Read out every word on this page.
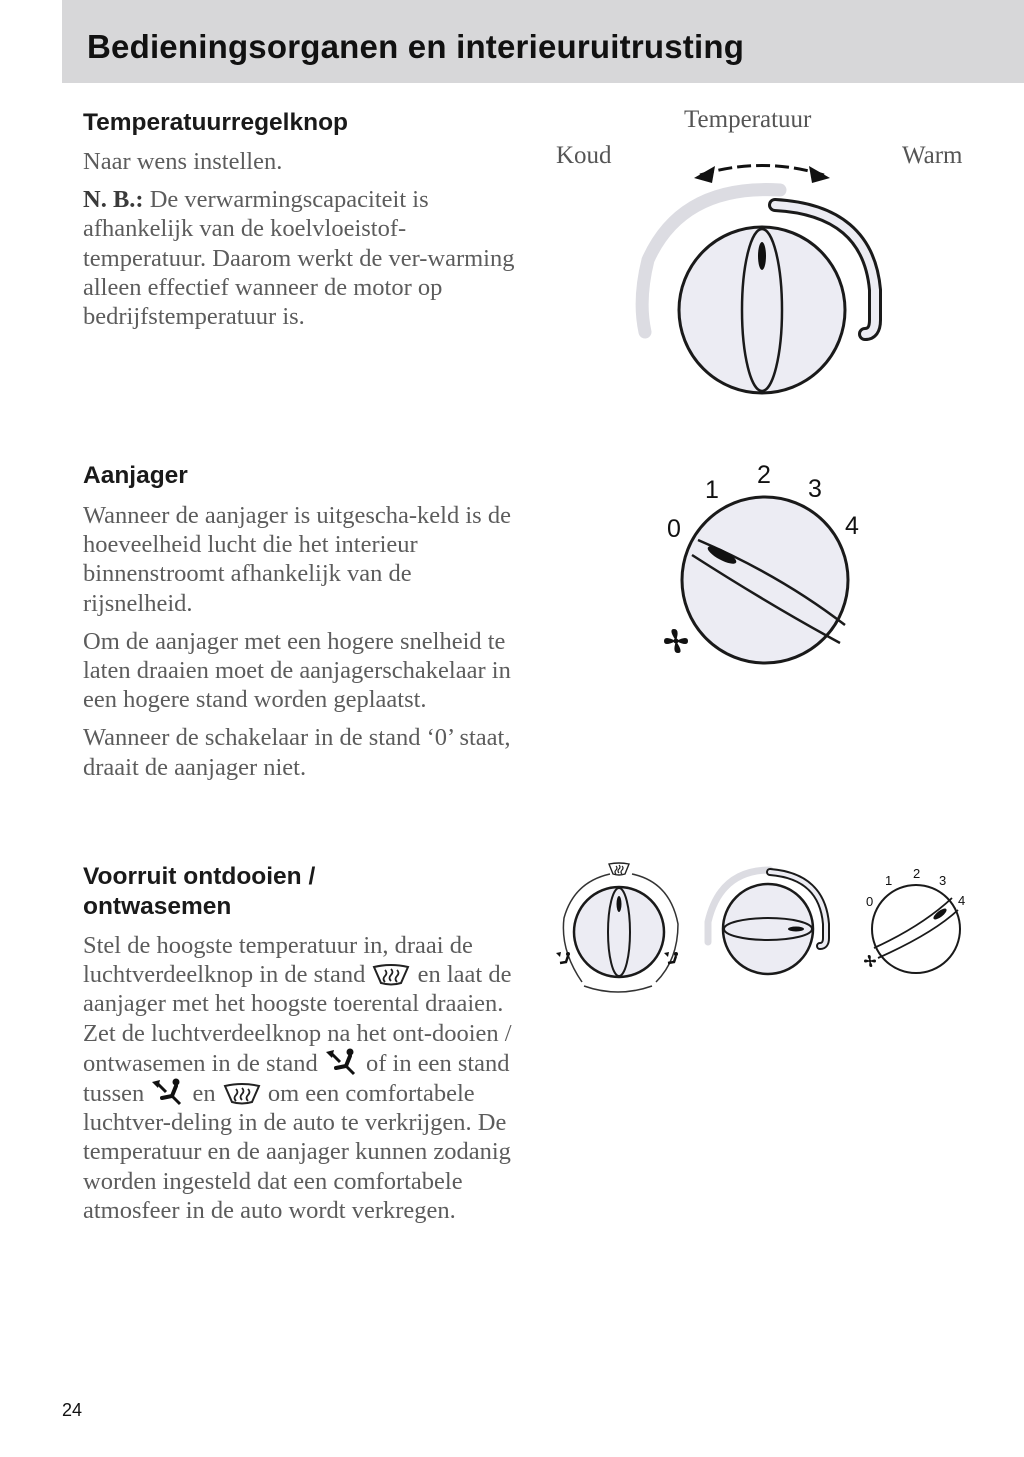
Bedieningsorganen en interieuruitrusting
Temperatuurregelknop

Naar wens instellen.

N. B.: De verwarmingscapaciteit is afhankelijk van de koelvloeistof-temperatuur. Daarom werkt de ver-warming alleen effectief wanneer de motor op bedrijfstemperatuur is.

Temperatuur
Koud	Warm
Aanjager

Wanneer de aanjager is uitgescha-keld is de hoeveelheid lucht die het interieur binnenstroomt afhankelijk van de rijsnelheid.

Om de aanjager met een hogere snelheid te laten draaien moet de aanjagerschakelaar in een hogere stand worden geplaatst.

Wanneer de schakelaar in de stand ‘0’ staat, draait de aanjager niet.

0
1
2 3
4
Voorruit ontdooien /
ontwasemen

Stel de hoogste temperatuur in, draai de luchtverdeelknop in de stand  en laat de aanjager met het hoogste toerental draaien. Zet de luchtverdeelknop na het ont-dooien / ontwasemen in de stand  of in een stand tussen  en  om een comfortabele luchtver-deling in de auto te verkrijgen. De temperatuur en de aanjager kunnen zodanig worden ingesteld dat een comfortabele atmosfeer in de auto wordt verkregen.

0
1 2 3
4
24
